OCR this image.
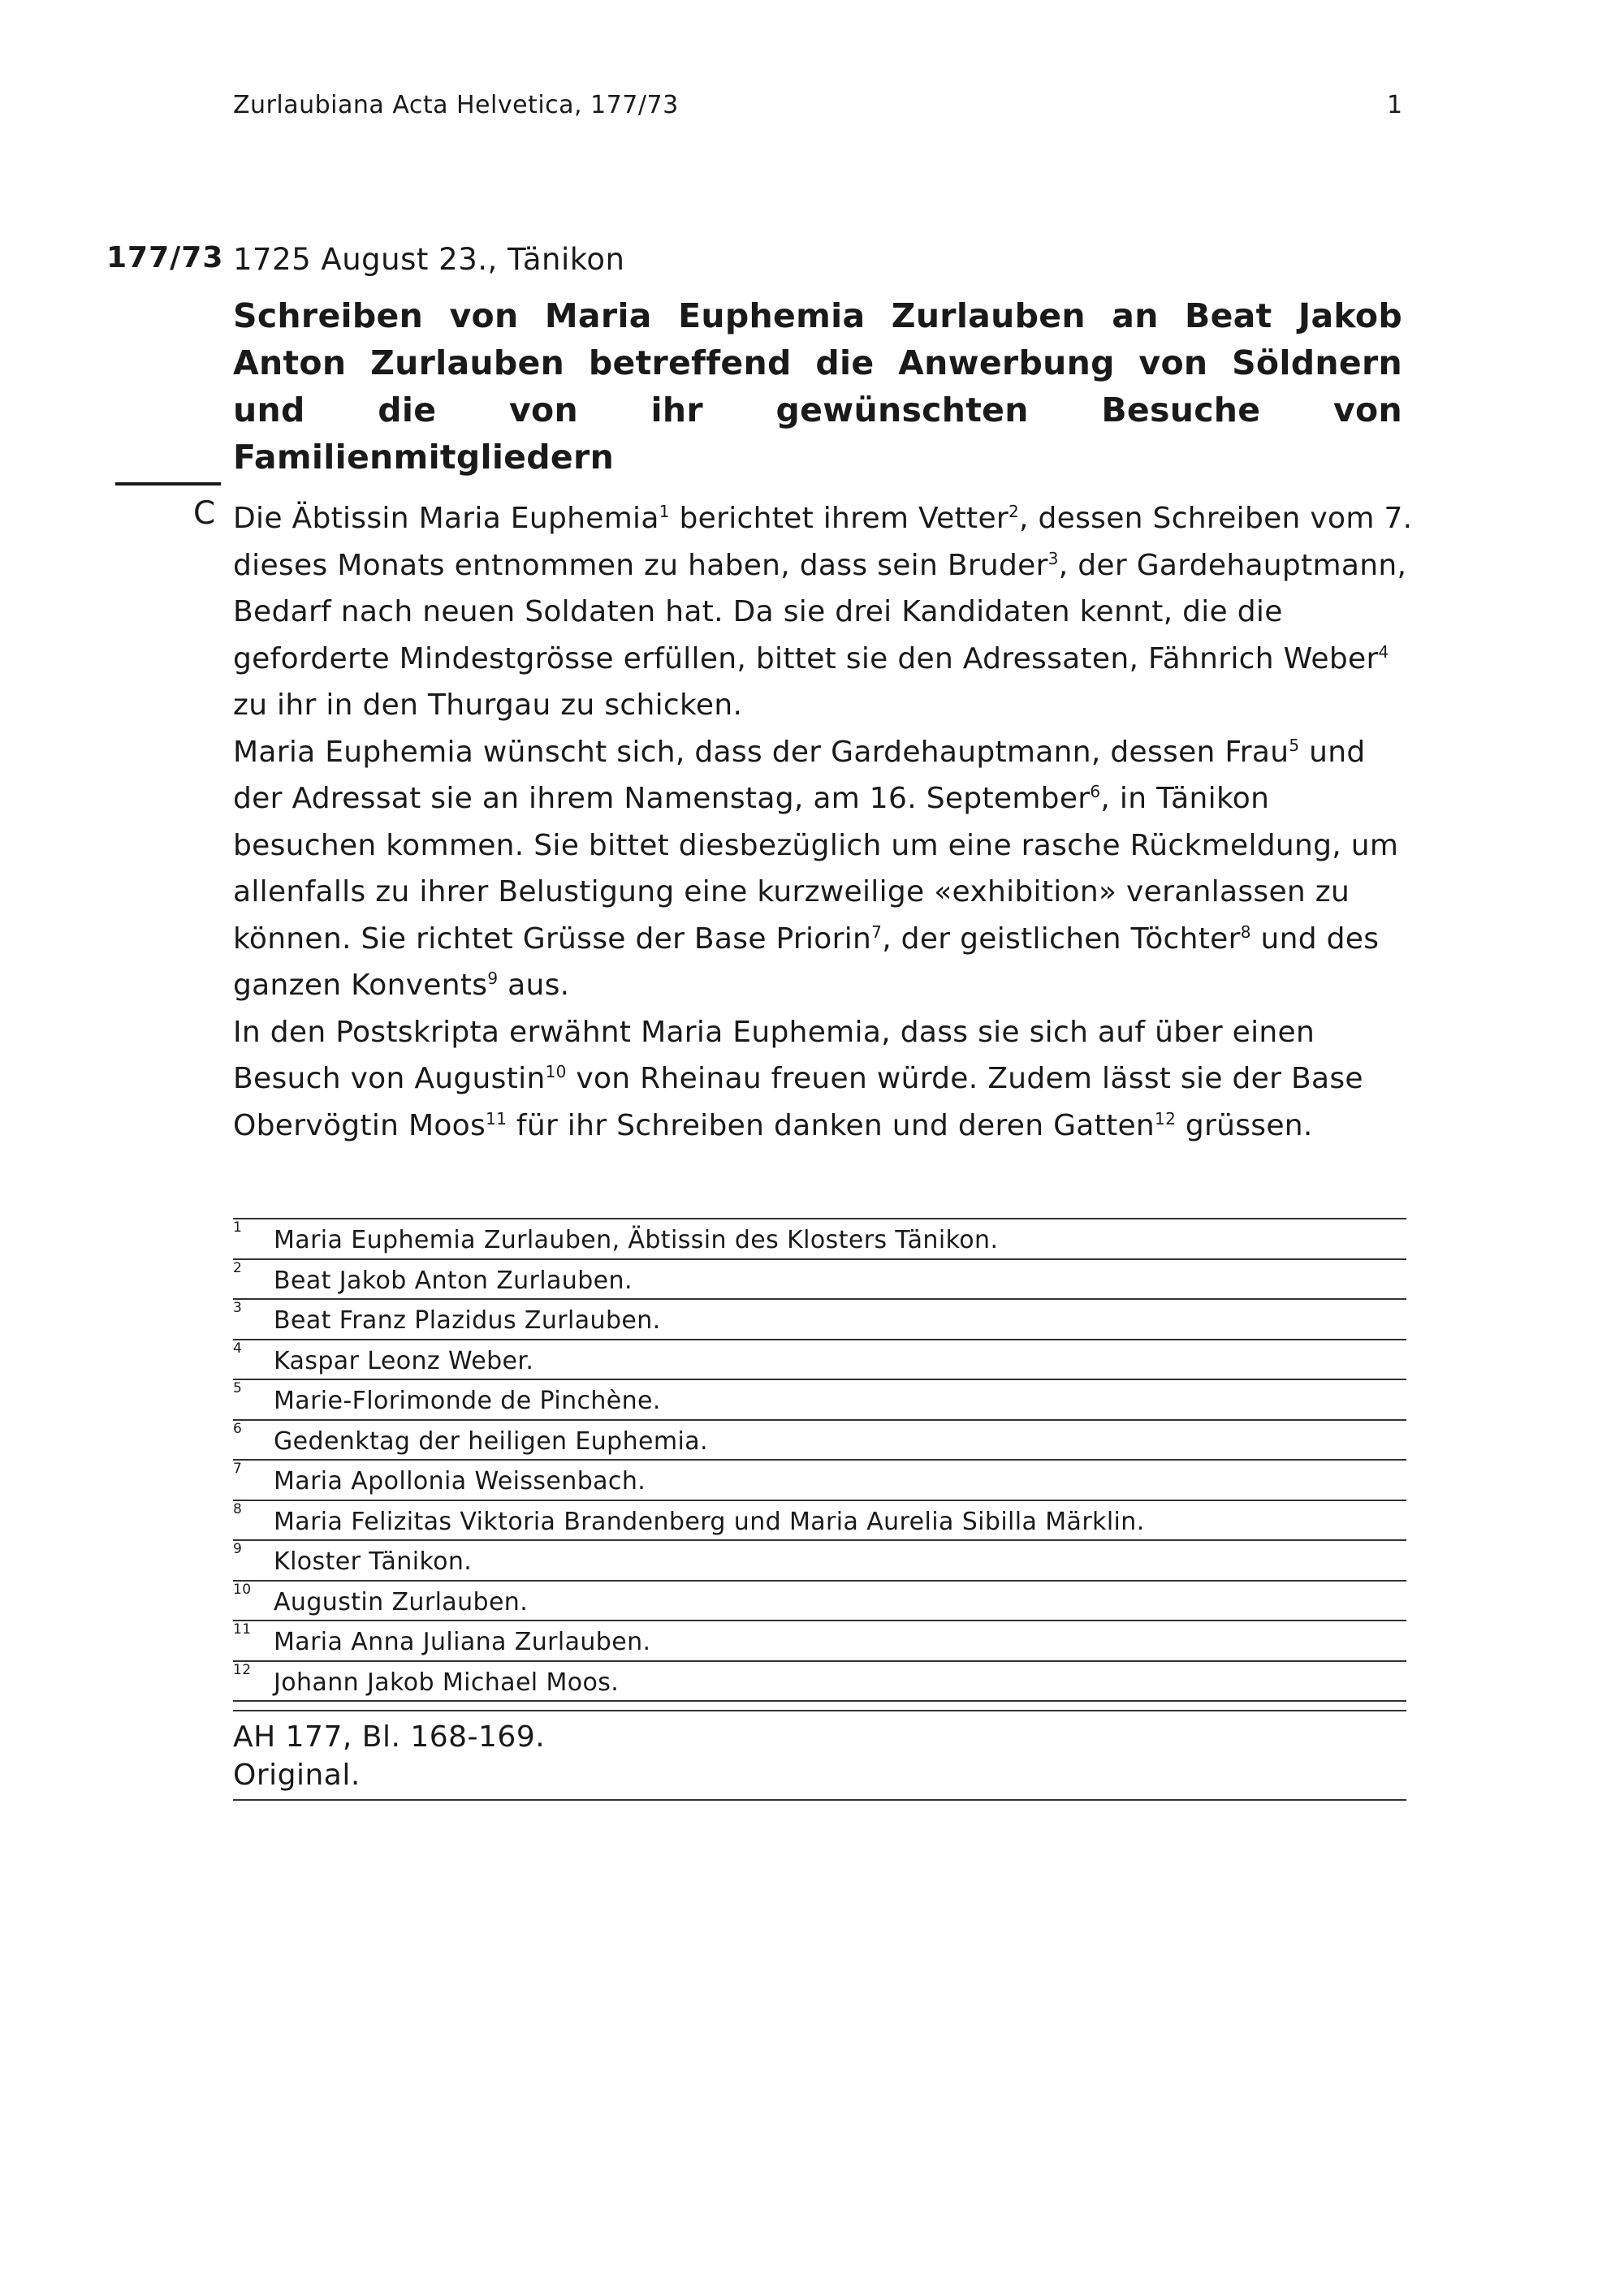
Zurlaubiana Acta Helvetica, 177/73	1
177/73 1725 August 23., Tänikon
Schreiben von Maria Euphemia Zurlauben an Beat Jakob Anton Zurlauben betreffend die Anwerbung von Söldnern und die von ihr gewünschten Besuche von Familienmitgliedern
C Die Äbtissin Maria Euphemia$^1$ berichtet ihrem Vetter$^2$, dessen Schreiben vom 7. dieses Monats entnommen zu haben, dass sein Bruder$^3$, der Gardehauptmann, Bedarf nach neuen Soldaten hat. Da sie drei Kandidaten kennt, die die geforderte Mindestgrösse erfüllen, bittet sie den Adressaten, Fähnrich Weber$^4$ zu ihr in den Thurgau zu schicken.

Maria Euphemia wünscht sich, dass der Gardehauptmann, dessen Frau$^5$ und der Adressat sie an ihrem Namenstag, am 16. September$^6$, in Tänikon besuchen kommen. Sie bittet diesbezüglich um eine rasche Rückmeldung, um allenfalls zu ihrer Belustigung eine kurzweilige «exhibition» veranlassen zu können. Sie richtet Grüsse der Base Priorin$^7$, der geistlichen Töchter$^8$ und des ganzen Konvents$^9$ aus.

In den Postskripta erwähnt Maria Euphemia, dass sie sich auf über einen Besuch von Augustin$^{10}$ von Rheinau freuen würde. Zudem lässt sie der Base Obervögtin Moos$^{11}$ für ihr Schreiben danken und deren Gatten$^{12}$ grüssen.

1 Maria Euphemia Zurlauben, Äbtissin des Klosters Tänikon.
2 Beat Jakob Anton Zurlauben.
3 Beat Franz Plazidus Zurlauben.
4 Kaspar Leonz Weber.
5 Marie-Florimonde de Pinchène.
6 Gedenktag der heiligen Euphemia.
7 Maria Apollonia Weissenbach.
8 Maria Felizitas Viktoria Brandenberg und Maria Aurelia Sibilla Märklin.
9 Kloster Tänikon.
10 Augustin Zurlauben.
11 Maria Anna Juliana Zurlauben.
12 Johann Jakob Michael Moos.
AH 177, Bl. 168-169.
Original.
